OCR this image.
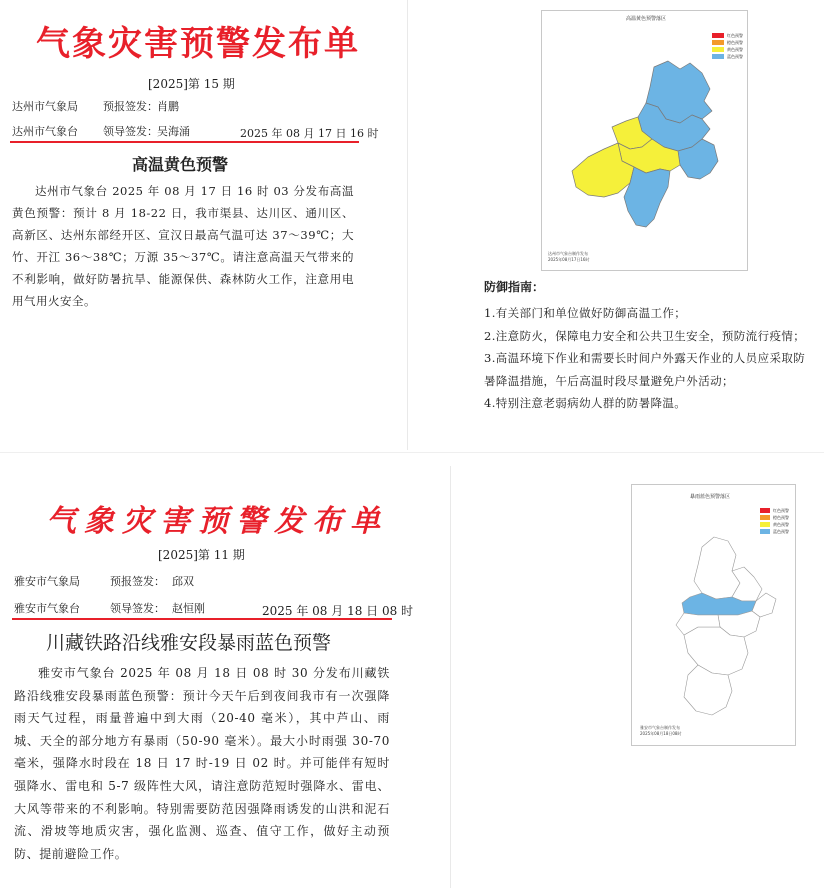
气象灾害预警发布单
[2025]第 15 期
达州市气象局 预报签发： 肖鹏
达州市气象台 领导签发： 吴海涌	2025 年 08 月 17 日 16 时
高温黄色预警
达州市气象台 2025 年 08 月 17 日 16 时 03 分发布高温黄色预警：预计 8 月 18-22 日，我市渠县、达川区、通川区、高新区、达州东部经开区、宣汉日最高气温可达 37～39℃；大竹、开江 36～38℃；万源 35～37℃。请注意高温天气带来的不利影响，做好防暑抗旱、能源保供、森林防火工作，注意用电用气用火安全。
高温黄色预警落区
红色预警
橙色预警
黄色预警
蓝色预警
达州市气象台制作发布
2025年08月17日16时
防御指南：
1.有关部门和单位做好防御高温工作；
2.注意防火，保障电力安全和公共卫生安全，预防流行疫情；
3.高温环境下作业和需要长时间户外露天作业的人员应采取防暑降温措施，午后高温时段尽量避免户外活动；
4.特别注意老弱病幼人群的防暑降温。
气象灾害预警发布单
[2025]第 11 期
雅安市气象局	预报签发： 邱双
雅安市气象台	领导签发： 赵恒刚	2025 年 08 月 18 日 08 时
川藏铁路沿线雅安段暴雨蓝色预警
雅安市气象台 2025 年 08 月 18 日 08 时 30 分发布川藏铁路沿线雅安段暴雨蓝色预警：预计今天午后到夜间我市有一次强降雨天气过程，雨量普遍中到大雨（20-40 毫米），其中芦山、雨城、天全的部分地方有暴雨（50-90 毫米）。最大小时雨强 30-70 毫米，强降水时段在 18 日 17 时-19 日 02 时。并可能伴有短时强降水、雷电和 5-7 级阵性大风，请注意防范短时强降水、雷电、大风等带来的不利影响。特别需要防范因强降雨诱发的山洪和泥石流、滑坡等地质灾害，强化监测、巡查、值守工作，做好主动预防、提前避险工作。
暴雨蓝色预警落区
红色预警
橙色预警
黄色预警
蓝色预警
雅安市气象台制作发布
2025年08月18日08时
